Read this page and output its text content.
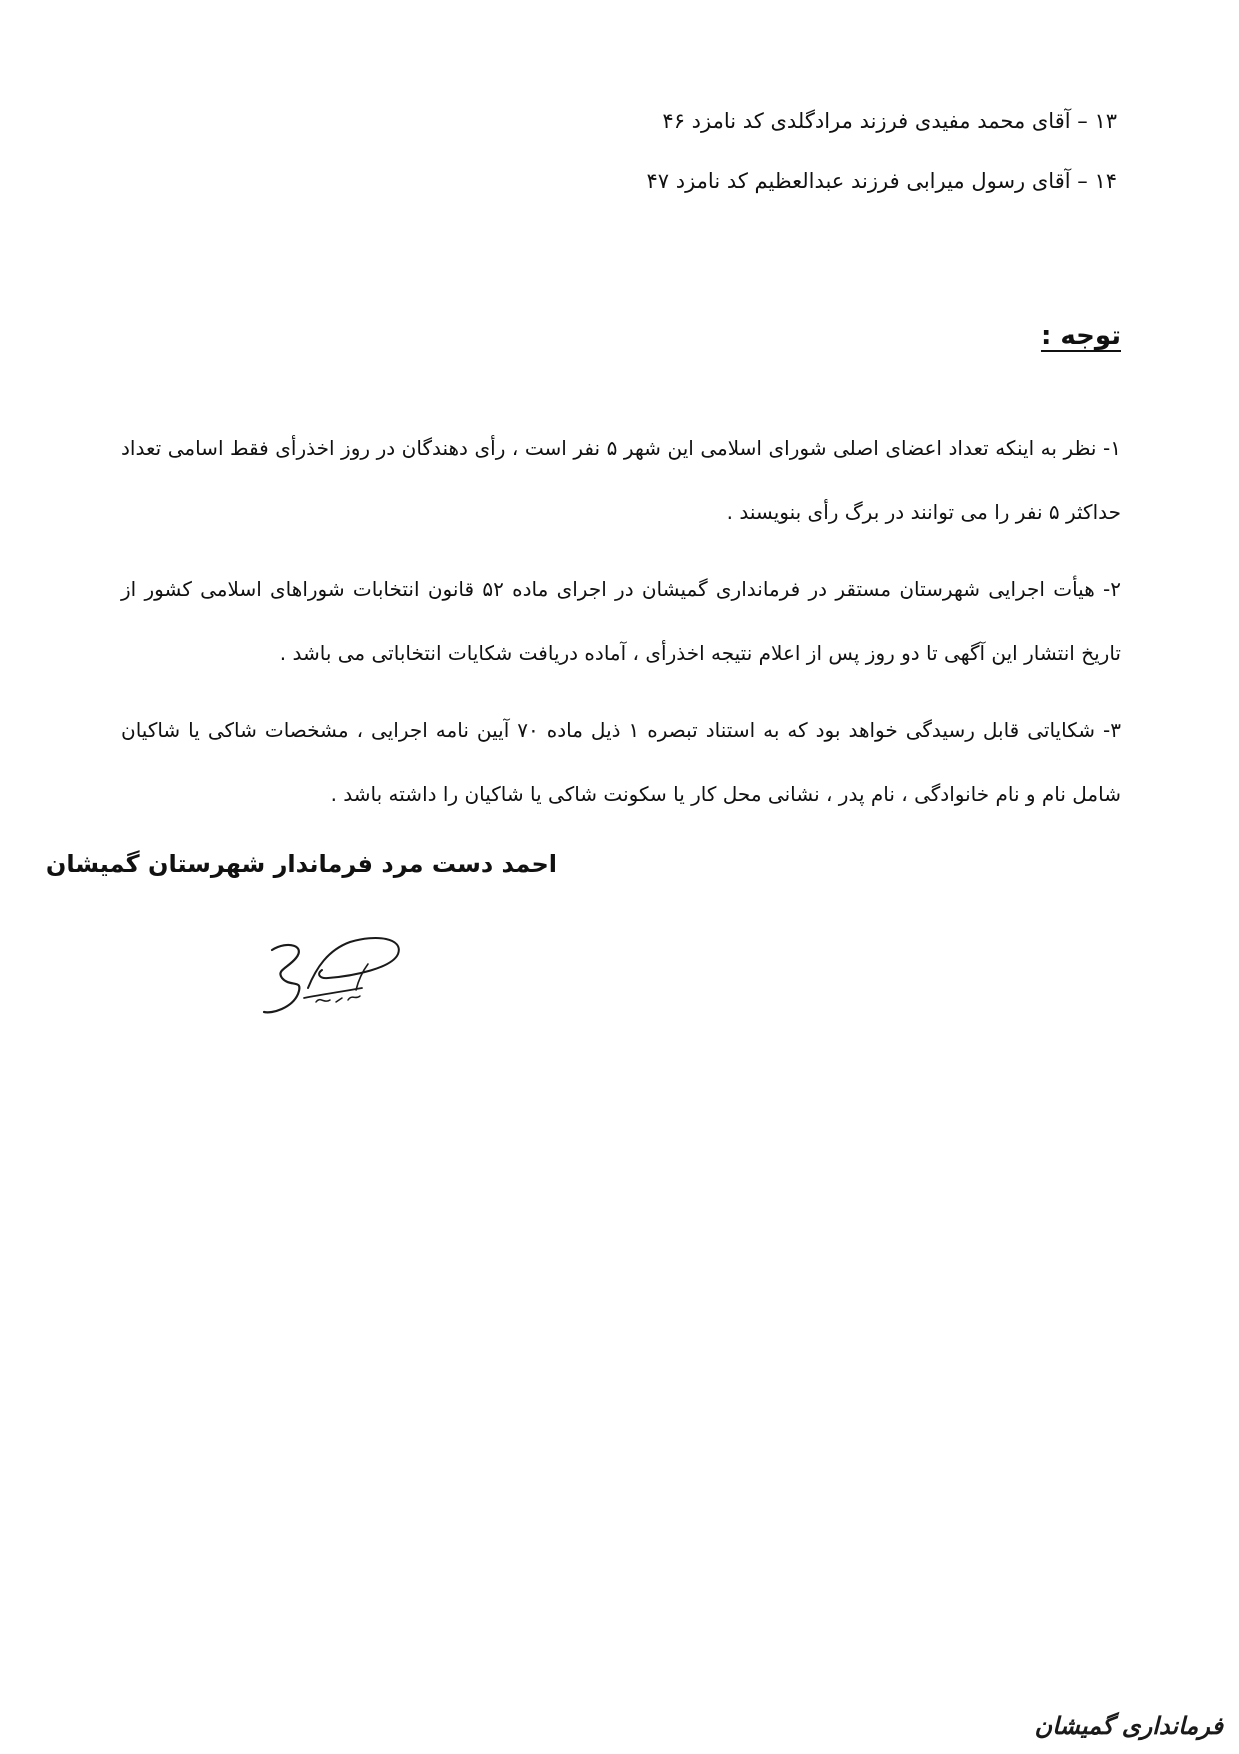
۱۳ – آقای محمد مفیدی فرزند مرادگلدی کد نامزد ۴۶
۱۴ – آقای رسول میرابی فرزند عبدالعظیم کد نامزد ۴۷
توجه :

۱- نظر به اینکه تعداد اعضای اصلی شورای اسلامی این شهر ۵ نفر است ، رأی دهندگان در روز اخذرأی فقط اسامی تعداد حداکثر ۵ نفر را می توانند در برگ رأی بنویسند .

۲- هیأت اجرایی شهرستان مستقر در فرمانداری گمیشان در اجرای ماده ۵۲ قانون انتخابات شوراهای اسلامی کشور از تاریخ انتشار این آگهی تا دو روز پس از اعلام نتیجه اخذرأی ، آماده دریافت شکایات انتخاباتی می باشد .

۳- شکایاتی قابل رسیدگی خواهد بود که به استناد تبصره ۱ ذیل ماده ۷۰ آیین نامه اجرایی ، مشخصات شاکی یا شاکیان شامل نام و نام خانوادگی ، نام پدر ، نشانی محل کار یا سکونت شاکی یا شاکیان را داشته باشد .

احمد دست مرد فرماندار شهرستان گمیشان
فرمانداری گمیشان
